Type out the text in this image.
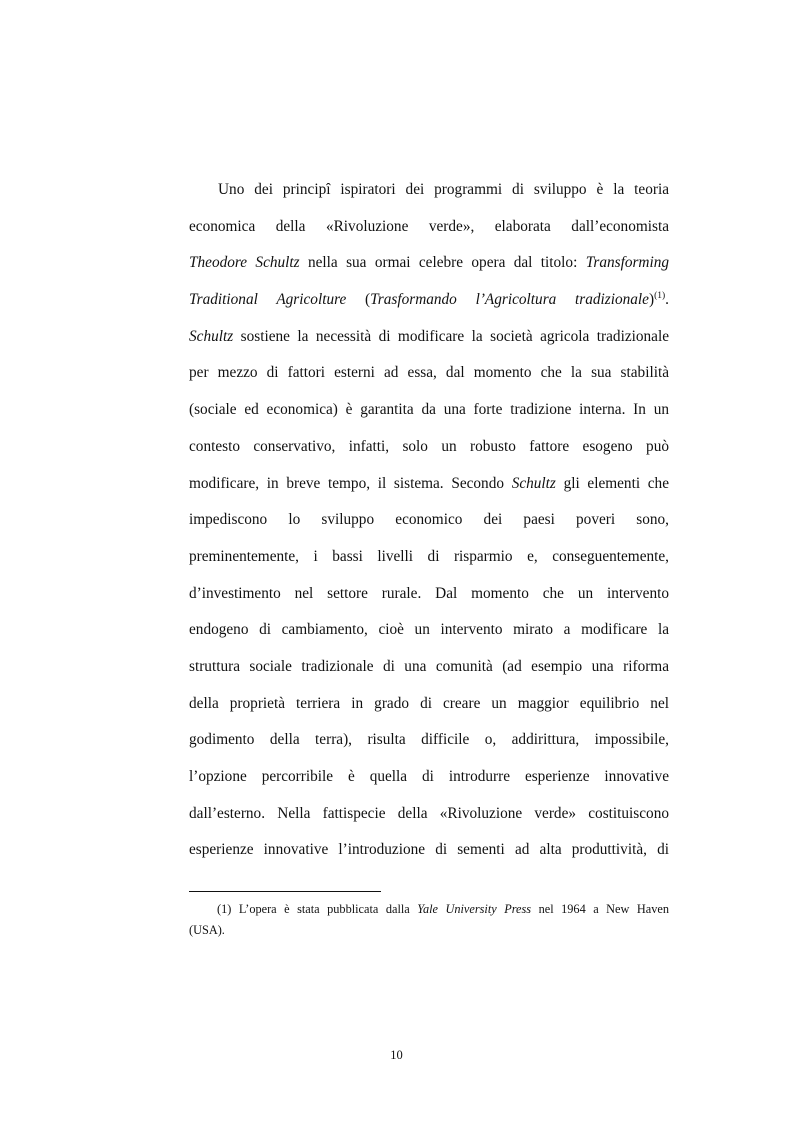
Uno dei principî ispiratori dei programmi di sviluppo è la teoria
economica della «Rivoluzione verde», elaborata dall’economista
Theodore Schultz nella sua ormai celebre opera dal titolo: Transforming
Traditional Agricolture (Trasformando l’Agricoltura tradizionale)$^{(1)}$.
Schultz sostiene la necessità di modificare la società agricola tradizionale
per mezzo di fattori esterni ad essa, dal momento che la sua stabilità
(sociale ed economica) è garantita da una forte tradizione interna. In un
contesto conservativo, infatti, solo un robusto fattore esogeno può
modificare, in breve tempo, il sistema. Secondo Schultz gli elementi che
impediscono lo sviluppo economico dei paesi poveri sono,
preminentemente, i bassi livelli di risparmio e, conseguentemente,
d’investimento nel settore rurale. Dal momento che un intervento
endogeno di cambiamento, cioè un intervento mirato a modificare la
struttura sociale tradizionale di una comunità (ad esempio una riforma
della proprietà terriera in grado di creare un maggior equilibrio nel
godimento della terra), risulta difficile o, addirittura, impossibile,
l’opzione percorribile è quella di introdurre esperienze innovative
dall’esterno. Nella fattispecie della «Rivoluzione verde» costituiscono
esperienze innovative l’introduzione di sementi ad alta produttività, di
(1) L’opera è stata pubblicata dalla Yale University Press nel 1964 a New Haven
(USA).
10
